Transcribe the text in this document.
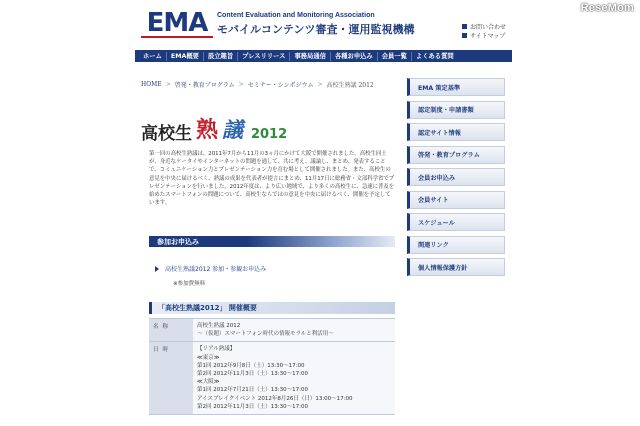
ReseMom
EMA	Content Evaluation and Monitoring Association
モバイルコンテンツ審査・運用監視機構	お問い合わせ
サイトマップ
ホーム	EMA概要	設立趣旨	プレスリリース	事務局通信	各種お申込み	会員一覧	よくある質問
HOME > 啓発・教育プログラム > セミナー・シンポジウム > 高校生熟議 2012
高校生 熟 議 2012
第一回の高校生熟議は、2011年7月から11月の3ヵ月にかけて大阪で開催されました。高校生同士が、身近なケータイやインターネットの問題を通して、共に考え、議論し、まとめ、発表することで、コミュニケーション力とプレゼンテーション力を育む場として開催されました。また、高校生の意見を中央に届けるべく、熟議の成果を代表者が提言にまとめ、11月17日に総務省・文部科学省でプレゼンテーションを行いました。2012年度は、より広い地域で、より多くの高校生に、急速に普及を始めたスマートフォンの問題について、高校生ならではの意見を中央に届けるべく、開催を予定しています。
参加お申込み
高校生熟議2012 参加・参観お申込み
※参加費無料
「高校生熟議2012」 開催概要
名称	高校生熟議 2012
〜（仮題）スマートフォン時代の情報モラルと利活用〜
日時	【リアル熟議】
≪東京≫
第1回 2012年9月8日（土）13:30〜17:00
第2回 2012年11月3日（土）13:30〜17:00
≪大阪≫
第1回 2012年7月21日（土）13:30〜17:00
アイスブレイクイベント 2012年8月26日（日）13:00〜17:00
第2回 2012年11月3日（土）13:30〜17:00
EMA 策定基準
認定制度・申請書類
認定サイト情報
啓発・教育プログラム
会員お申込み
会員サイト
スケジュール
関連リンク
個人情報保護方針
